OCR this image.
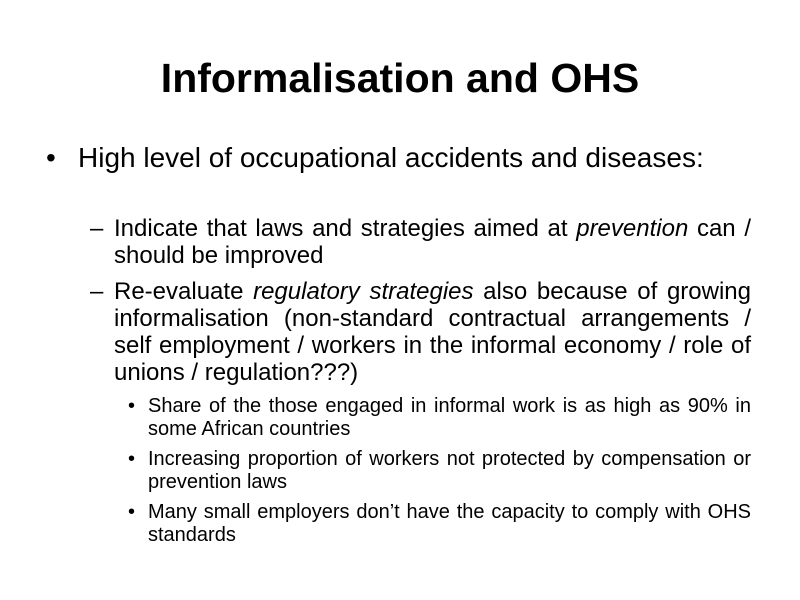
Informalisation and OHS
• High level of occupational accidents and diseases:
– Indicate that laws and strategies aimed at prevention can / should be improved
– Re-evaluate regulatory strategies also because of growing informalisation (non-standard contractual arrangements / self employment / workers in the informal economy / role of unions / regulation???)
• Share of the those engaged in informal work is as high as 90% in some African countries
• Increasing proportion of workers not protected by compensation or prevention laws
• Many small employers don’t have the capacity to comply with OHS standards
